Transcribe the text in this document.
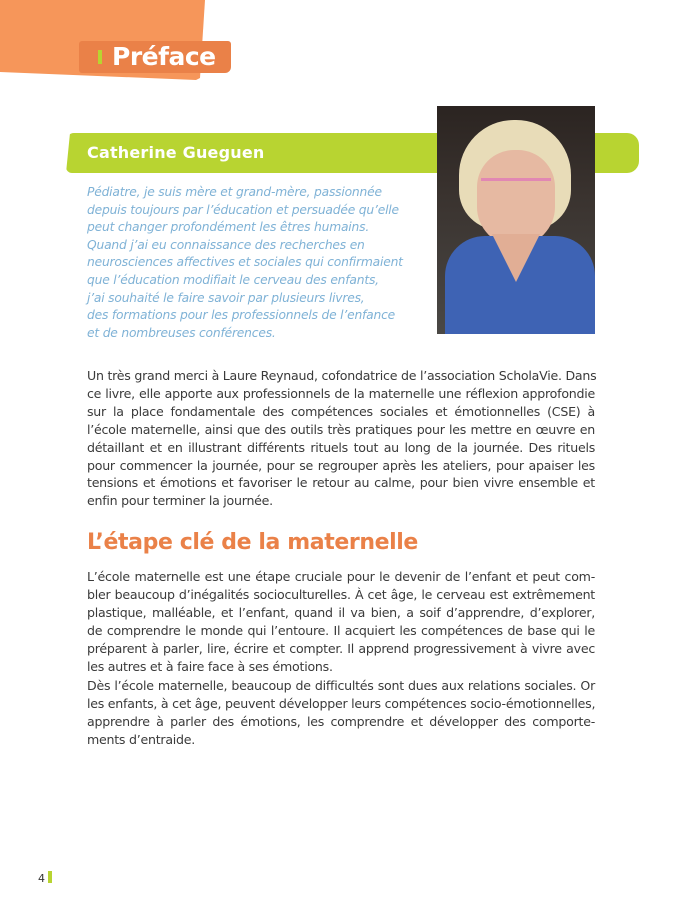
Préface
Catherine Gueguen
Pédiatre, je suis mère et grand-mère, passionnée
depuis toujours par l’éducation et persuadée qu’elle
peut changer profondément les êtres humains.
Quand j’ai eu connaissance des recherches en
neurosciences affectives et sociales qui confirmaient
que l’éducation modifiait le cerveau des enfants,
j’ai souhaité le faire savoir par plusieurs livres,
des formations pour les professionnels de l’enfance
et de nombreuses conférences.
Un très grand merci à Laure Reynaud, cofondatrice de l’association ScholaVie. Dans
ce livre, elle apporte aux professionnels de la maternelle une réflexion approfondie
sur la place fondamentale des compétences sociales et émotionnelles (CSE) à
l’école maternelle, ainsi que des outils très pratiques pour les mettre en œuvre en
détaillant et en illustrant différents rituels tout au long de la journée. Des rituels
pour commencer la journée, pour se regrouper après les ateliers, pour apaiser les
tensions et émotions et favoriser le retour au calme, pour bien vivre ensemble et
enfin pour terminer la journée.
L’étape clé de la maternelle
L’école maternelle est une étape cruciale pour le devenir de l’enfant et peut com-
bler beaucoup d’inégalités socioculturelles. À cet âge, le cerveau est extrêmement
plastique, malléable, et l’enfant, quand il va bien, a soif d’apprendre, d’explorer,
de comprendre le monde qui l’entoure. Il acquiert les compétences de base qui le
préparent à parler, lire, écrire et compter. Il apprend progressivement à vivre avec
les autres et à faire face à ses émotions.
Dès l’école maternelle, beaucoup de difficultés sont dues aux relations sociales. Or
les enfants, à cet âge, peuvent développer leurs compétences socio-émotionnelles,
apprendre à parler des émotions, les comprendre et développer des comporte-
ments d’entraide.
4
